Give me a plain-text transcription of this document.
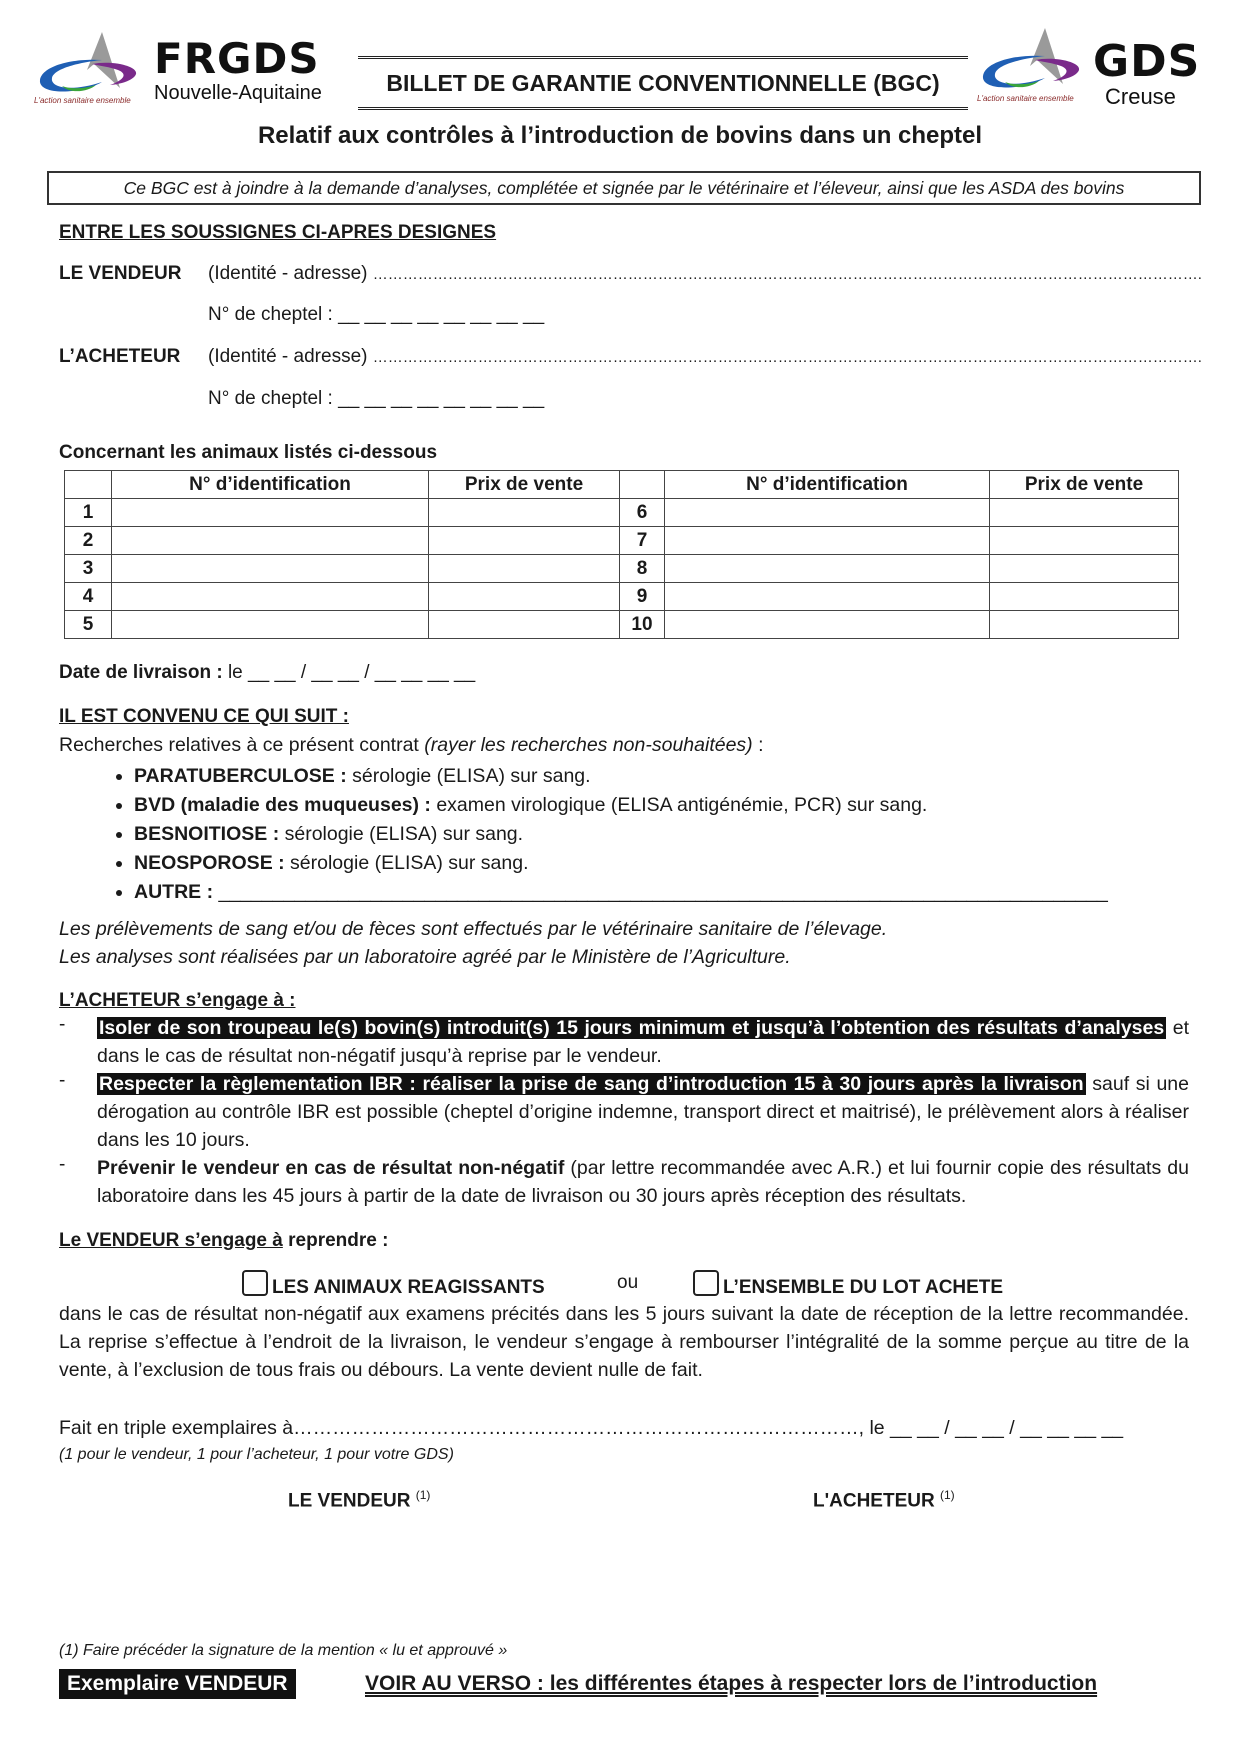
L'action sanitaire ensemble
FRGDS
Nouvelle-Aquitaine	L'action sanitaire ensemble
GDS
Creuse
BILLET DE GARANTIE CONVENTIONNELLE (BGC)
Relatif aux contrôles à l’introduction de bovins dans un cheptel
Ce BGC est à joindre à la demande d’analyses, complétée et signée par le vétérinaire et l’éleveur, ainsi que les ASDA des bovins
ENTRE LES SOUSSIGNES CI-APRES DESIGNES
LE VENDEUR (Identité - adresse) ………………………………………………………………………………………………………………………………………………….
N° de cheptel : __ __ __ __ __ __ __ __
L’ACHETEUR (Identité - adresse) ………………………………………………………………………………………………………………………………………………….
N° de cheptel : __ __ __ __ __ __ __ __
Concernant les animaux listés ci-dessous
	N° d’identification	Prix de vente		N° d’identification	Prix de vente
1			6		
2			7		
3			8		
4			9		
5			10		
Date de livraison : le __ __ / __ __ / __ __ __ __
IL EST CONVENU CE QUI SUIT :
Recherches relatives à ce présent contrat (rayer les recherches non-souhaitées) :
• PARATUBERCULOSE : sérologie (ELISA) sur sang.
• BVD (maladie des muqueuses) : examen virologique (ELISA antigénémie, PCR) sur sang.
• BESNOITIOSE : sérologie (ELISA) sur sang.
• NEOSPOROSE : sérologie (ELISA) sur sang.
• AUTRE : __________________________________________________________________________________
Les prélèvements de sang et/ou de fèces sont effectués par le vétérinaire sanitaire de l’élevage.
Les analyses sont réalisées par un laboratoire agréé par le Ministère de l’Agriculture.
L’ACHETEUR s’engage à :
- Isoler de son troupeau le(s) bovin(s) introduit(s) 15 jours minimum et jusqu’à l’obtention des résultats d’analyses et dans le cas de résultat non-négatif jusqu’à reprise par le vendeur.
- Respecter la règlementation IBR : réaliser la prise de sang d’introduction 15 à 30 jours après la livraison sauf si une dérogation au contrôle IBR est possible (cheptel d’origine indemne, transport direct et maitrisé), le prélèvement alors à réaliser dans les 10 jours.
- Prévenir le vendeur en cas de résultat non-négatif (par lettre recommandée avec A.R.) et lui fournir copie des résultats du laboratoire dans les 45 jours à partir de la date de livraison ou 30 jours après réception des résultats.
Le VENDEUR s’engage à reprendre :
LES ANIMAUX REAGISSANTS	ou	L’ENSEMBLE DU LOT ACHETE
dans le cas de résultat non-négatif aux examens précités dans les 5 jours suivant la date de réception de la lettre recommandée. La reprise s’effectue à l’endroit de la livraison, le vendeur s’engage à rembourser l’intégralité de la somme perçue au titre de la vente, à l’exclusion de tous frais ou débours. La vente devient nulle de fait.
Fait en triple exemplaires à……………………………………………………………………………, le __ __ / __ __ / __ __ __ __
(1 pour le vendeur, 1 pour l’acheteur, 1 pour votre GDS)
LE VENDEUR $^{(1)}$	L'ACHETEUR $^{(1)}$
(1) Faire précéder la signature de la mention « lu et approuvé »
Exemplaire VENDEUR	VOIR AU VERSO : les différentes étapes à respecter lors de l’introduction
